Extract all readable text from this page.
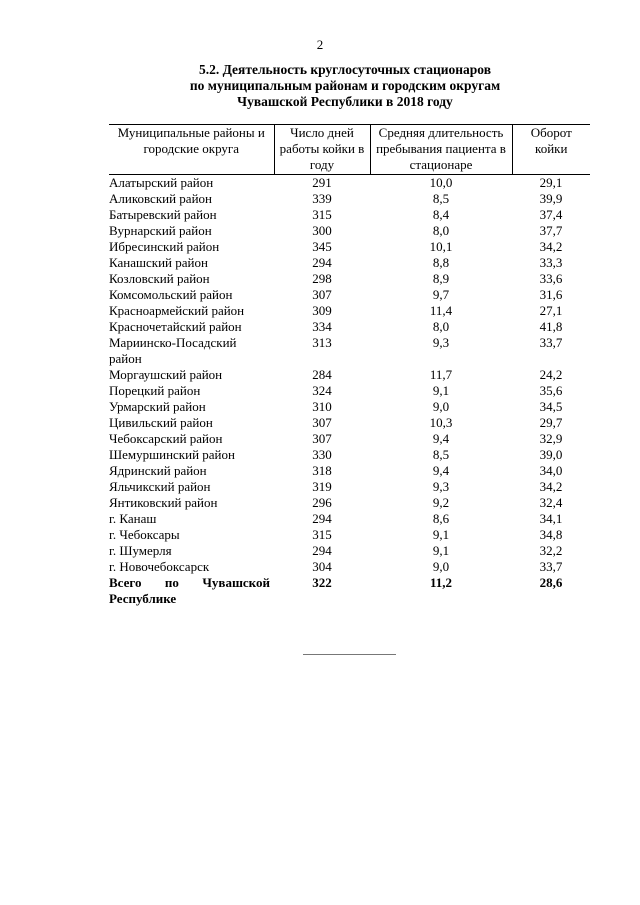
2
5.2. Деятельность круглосуточных стационаров
по муниципальным районам и городским округам
Чувашской Республики в 2018 году
Муниципальные районы и городские округа	Число дней работы койки в году	Средняя длительность пребывания пациента в стационаре	Оборот койки
Алатырский район	291	10,0	29,1
Аликовский район	339	8,5	39,9
Батыревский район	315	8,4	37,4
Вурнарский район	300	8,0	37,7
Ибресинский район	345	10,1	34,2
Канашский район	294	8,8	33,3
Козловский район	298	8,9	33,6
Комсомольский район	307	9,7	31,6
Красноармейский район	309	11,4	27,1
Красночетайский район	334	8,0	41,8
Мариинско-Посадский район	313	9,3	33,7
Моргаушский район	284	11,7	24,2
Порецкий район	324	9,1	35,6
Урмарский район	310	9,0	34,5
Цивильский район	307	10,3	29,7
Чебоксарский район	307	9,4	32,9
Шемуршинский район	330	8,5	39,0
Ядринский район	318	9,4	34,0
Яльчикский район	319	9,3	34,2
Янтиковский район	296	9,2	32,4
г. Канаш	294	8,6	34,1
г. Чебоксары	315	9,1	34,8
г. Шумерля	294	9,1	32,2
г. Новочебоксарск	304	9,0	33,7
Всего по Чувашской
Республике	322	11,2	28,6
